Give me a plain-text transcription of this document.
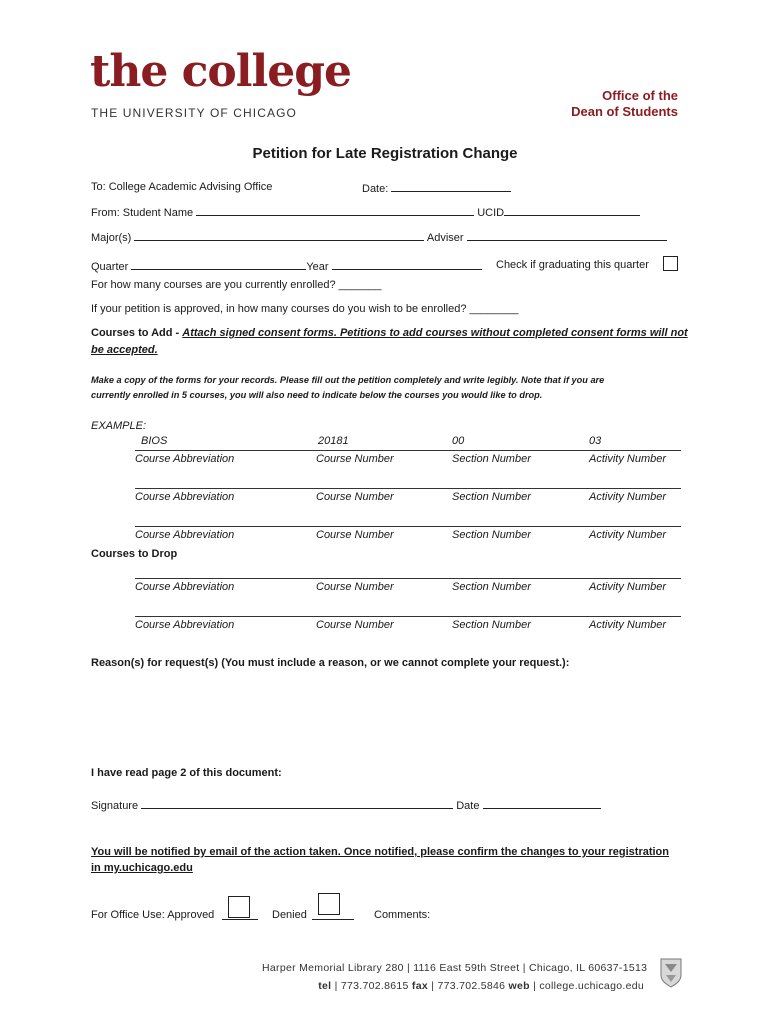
the college
THE UNIVERSITY OF CHICAGO
Office of the
Dean of Students
Petition for Late Registration Change
To: College Academic Advising Office	Date:
From: Student Name	UCID
Major(s)	Adviser
Quarter	Year	Check if graduating this quarter
For how many courses are you currently enrolled? _______
If your petition is approved, in how many courses do you wish to be enrolled? ________
Courses to Add - Attach signed consent forms. Petitions to add courses without completed consent forms will not
be accepted.
Make a copy of the forms for your records. Please fill out the petition completely and write legibly. Note that if you are
currently enrolled in 5 courses, you will also need to indicate below the courses you would like to drop.
EXAMPLE:
BIOS	20181	00	03
Course Abbreviation	Course Number	Section Number	Activity Number
Course Abbreviation	Course Number	Section Number	Activity Number
Course Abbreviation	Course Number	Section Number	Activity Number
Courses to Drop
Course Abbreviation	Course Number	Section Number	Activity Number
Course Abbreviation	Course Number	Section Number	Activity Number
Reason(s) for request(s) (You must include a reason, or we cannot complete your request.):
I have read page 2 of this document:
Signature	Date
You will be notified by email of the action taken. Once notified, please confirm the changes to your registration
in my.uchicago.edu
For Office Use: Approved	Denied	Comments:
Harper Memorial Library 280 | 1116 East 59th Street | Chicago, IL 60637-1513
tel | 773.702.8615 fax | 773.702.5846 web | college.uchicago.edu
